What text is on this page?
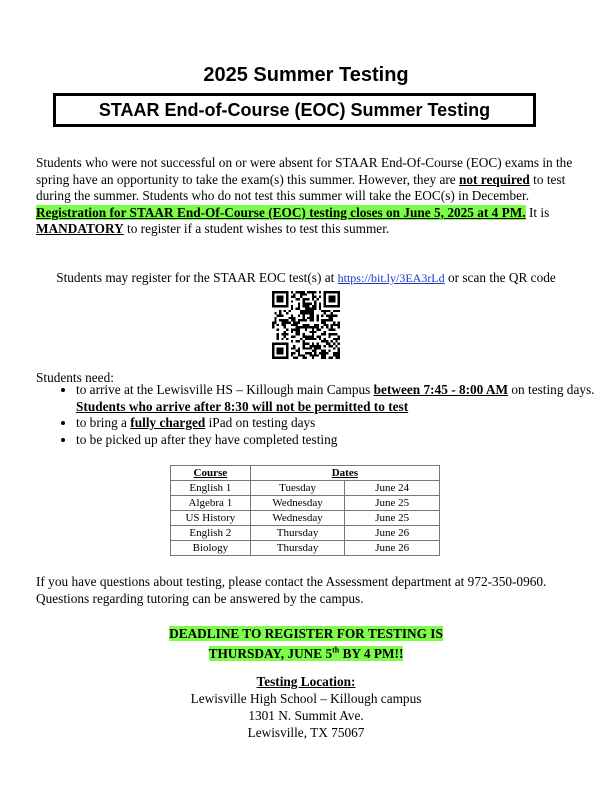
2025 Summer Testing
STAAR End-of-Course (EOC) Summer Testing
Students who were not successful on or were absent for STAAR End-Of-Course (EOC) exams in the spring have an opportunity to take the exam(s) this summer. However, they are not required to test during the summer. Students who do not test this summer will take the EOC(s) in December. Registration for STAAR End-Of-Course (EOC) testing closes on June 5, 2025 at 4 PM. It is MANDATORY to register if a student wishes to test this summer.
Students may register for the STAAR EOC test(s) at https://bit.ly/3EA3rLd or scan the QR code
Students need:
• to arrive at the Lewisville HS – Killough main Campus between 7:45 - 8:00 AM on testing days. Students who arrive after 8:30 will not be permitted to test
• to bring a fully charged iPad on testing days
• to be picked up after they have completed testing
Course	Dates	
English 1	Tuesday	June 24
Algebra 1	Wednesday	June 25
US History	Wednesday	June 25
English 2	Thursday	June 26
Biology	Thursday	June 26
If you have questions about testing, please contact the Assessment department at 972-350-0960. Questions regarding tutoring can be answered by the campus.
DEADLINE TO REGISTER FOR TESTING IS
THURSDAY, JUNE 5th BY 4 PM!!
Testing Location:
Lewisville High School – Killough campus
1301 N. Summit Ave.
Lewisville, TX 75067
